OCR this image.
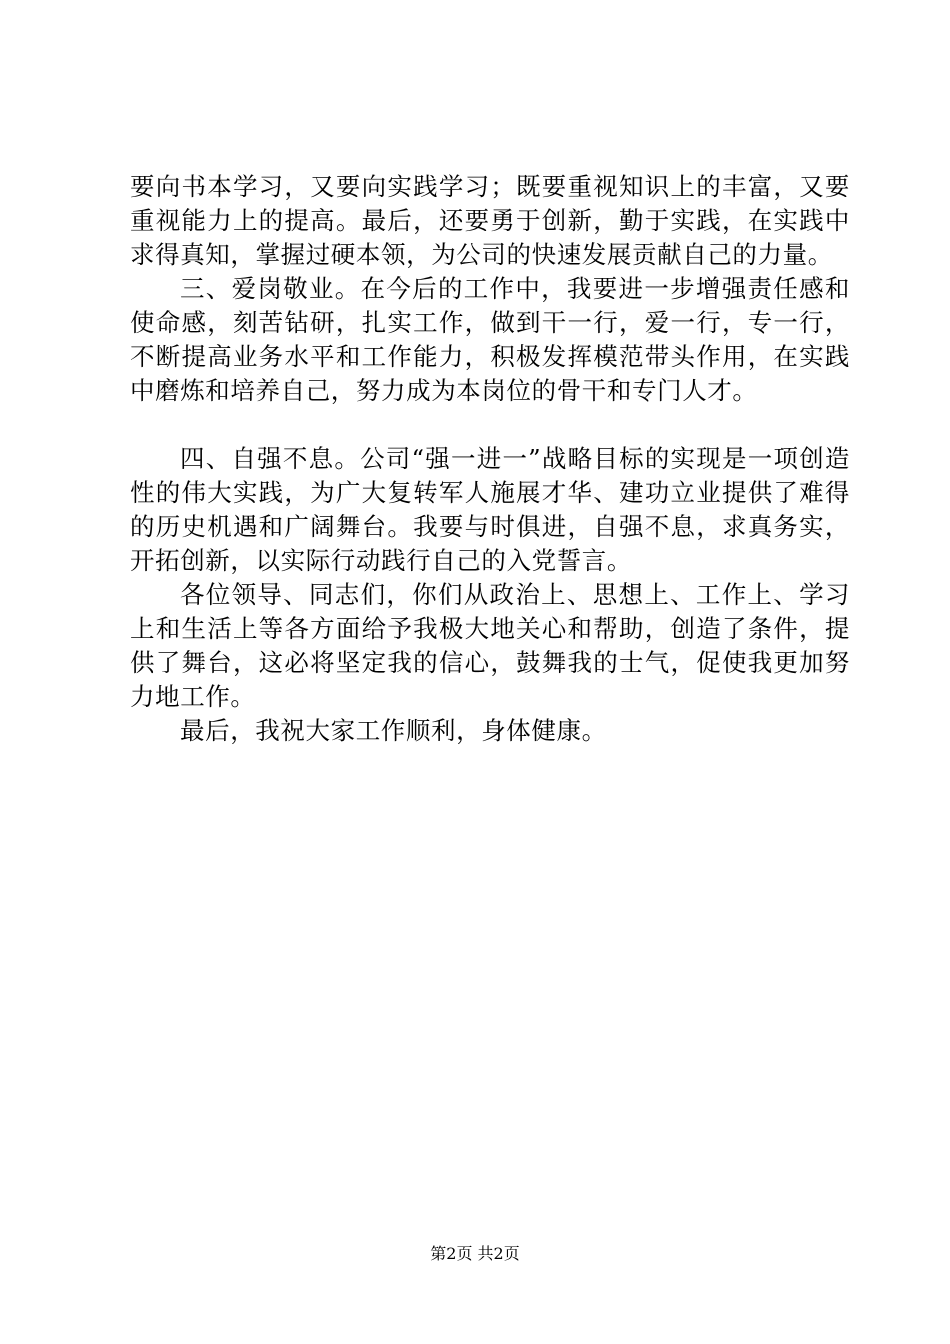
要向书本学习，又要向实践学习；既要重视知识上的丰富，又要重视能力上的提高。最后，还要勇于创新，勤于实践，在实践中求得真知，掌握过硬本领，为公司的快速发展贡献自己的力量。

三、爱岗敬业。在今后的工作中，我要进一步增强责任感和使命感，刻苦钻研，扎实工作，做到干一行，爱一行，专一行，不断提高业务水平和工作能力，积极发挥模范带头作用，在实践中磨炼和培养自己，努力成为本岗位的骨干和专门人才。

四、自强不息。公司“强一进一”战略目标的实现是一项创造性的伟大实践，为广大复转军人施展才华、建功立业提供了难得的历史机遇和广阔舞台。我要与时俱进，自强不息，求真务实，开拓创新，以实际行动践行自己的入党誓言。

各位领导、同志们，你们从政治上、思想上、工作上、学习上和生活上等各方面给予我极大地关心和帮助，创造了条件，提供了舞台，这必将坚定我的信心，鼓舞我的士气，促使我更加努力地工作。

最后，我祝大家工作顺利，身体健康。

第2页 共2页
